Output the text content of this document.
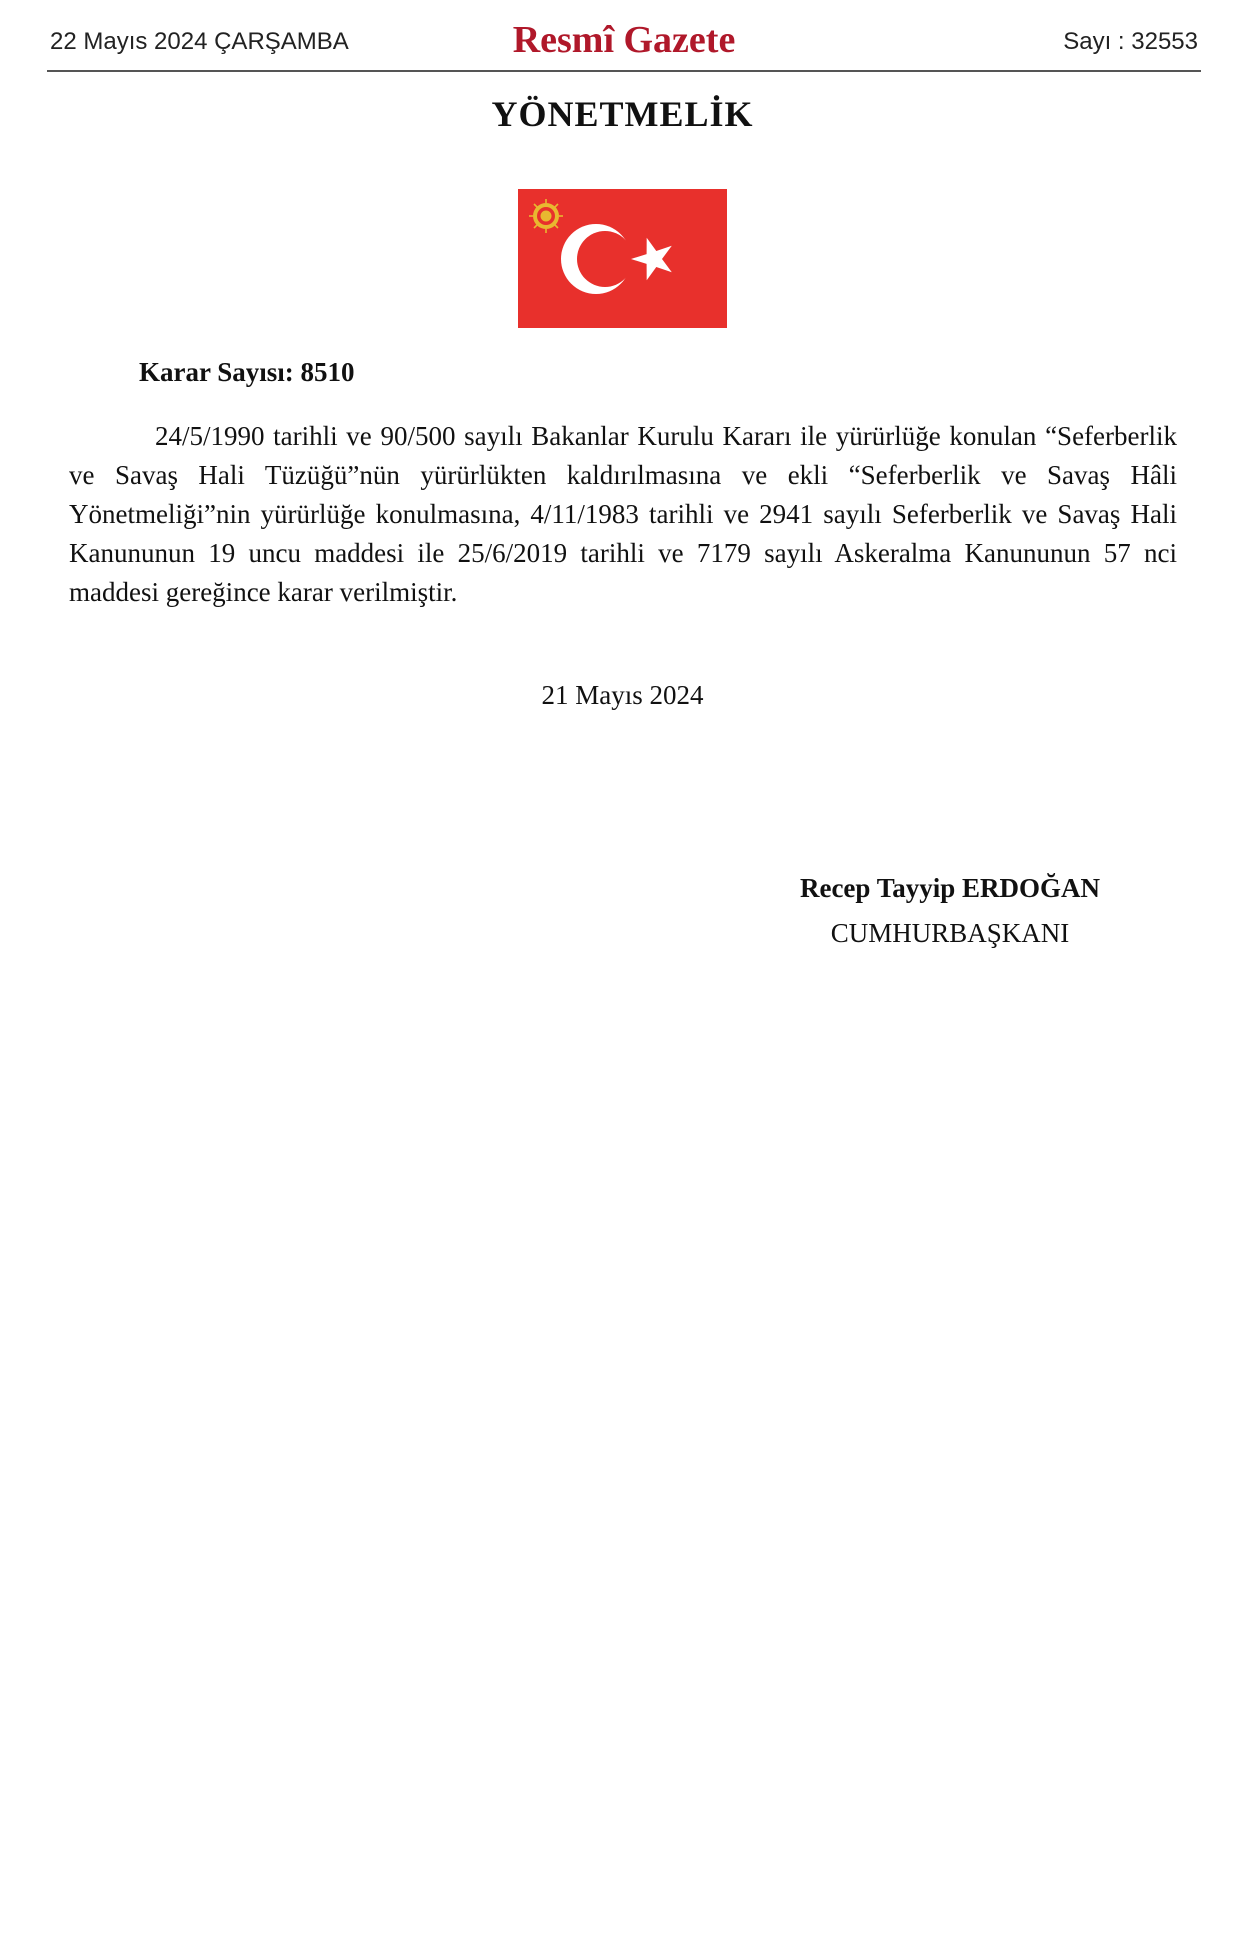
22 Mayıs 2024 ÇARŞAMBA	Resmî Gazete	Sayı : 32553
YÖNETMELİK
Karar Sayısı: 8510

24/5/1990 tarihli ve 90/500 sayılı Bakanlar Kurulu Kararı ile yürürlüğe konulan “Seferberlik ve Savaş Hali Tüzüğü”nün yürürlükten kaldırılmasına ve ekli “Seferberlik ve Savaş Hâli Yönetmeliği”nin yürürlüğe konulmasına, 4/11/1983 tarihli ve 2941 sayılı Seferberlik ve Savaş Hali Kanununun 19 uncu maddesi ile 25/6/2019 tarihli ve 7179 sayılı Askeralma Kanununun 57 nci maddesi gereğince karar verilmiştir.

21 Mayıs 2024
Recep Tayyip ERDOĞAN
CUMHURBAŞKANI
